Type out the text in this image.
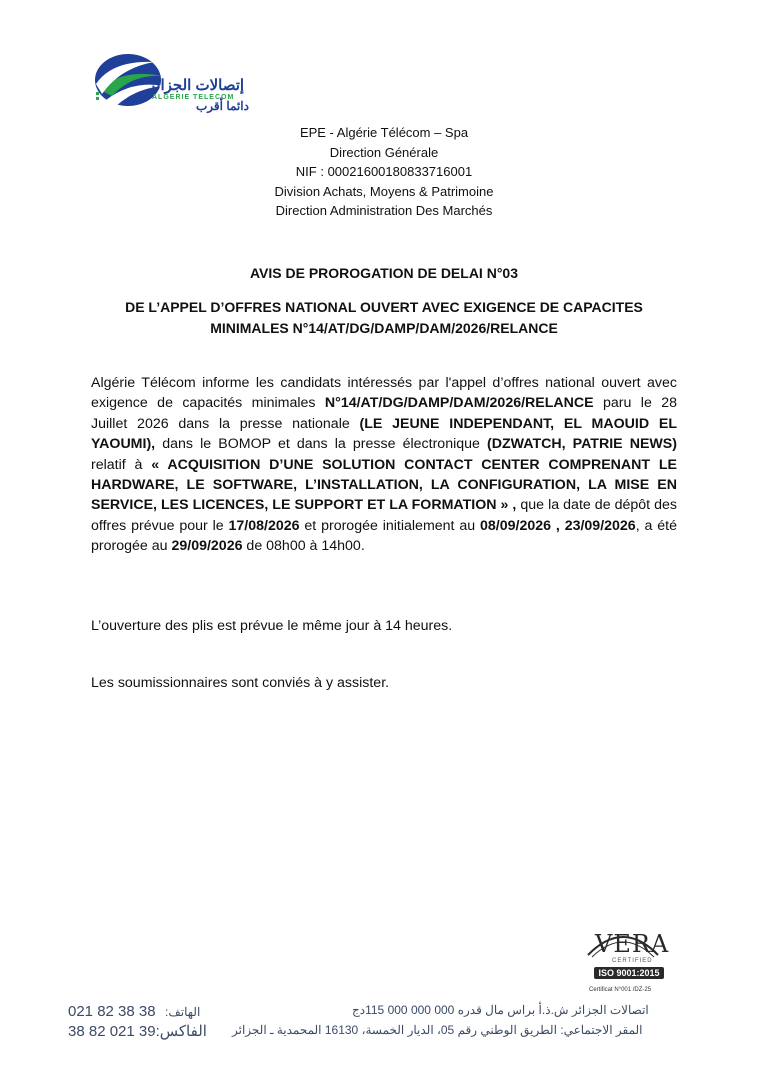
إتصالات الجزائر
ALGERIE TELECOM
دائما أقرب
EPE - Algérie Télécom – Spa
Direction Générale
NIF : 00021600180833716001
Division Achats, Moyens & Patrimoine
Direction Administration Des Marchés
AVIS DE PROROGATION DE DELAI N°03
DE L’APPEL D’OFFRES NATIONAL OUVERT AVEC EXIGENCE DE CAPACITES
MINIMALES N°14/AT/DG/DAMP/DAM/2026/RELANCE
Algérie Télécom informe les candidats intéressés par l'appel d’offres national ouvert avec exigence de capacités minimales N°14/AT/DG/DAMP/DAM/2026/RELANCE paru le 28 Juillet 2026 dans la presse nationale (LE JEUNE INDEPENDANT, EL MAOUID EL YAOUMI), dans le BOMOP et dans la presse électronique (DZWATCH, PATRIE NEWS) relatif à « ACQUISITION D’UNE SOLUTION CONTACT CENTER COMPRENANT LE HARDWARE, LE SOFTWARE, L’INSTALLATION, LA CONFIGURATION, LA MISE EN SERVICE, LES LICENCES, LE SUPPORT ET LA FORMATION » , que la date de dépôt des offres prévue pour le 17/08/2026 et prorogée initialement au 08/09/2026 , 23/09/2026, a été prorogée au 29/09/2026 de 08h00 à 14h00.
L’ouverture des plis est prévue le même jour à 14 heures.
Les soumissionnaires sont conviés à y assister.
VERA
CERTIFIED
ISO 9001:2015
Certificat N°001 /DZ-25
021 82 38 38 الهاتف:
الفاكس:39 021 82 38
اتصالات الجزائر ش.ذ.أ براس مال قدره 000 000 000 115دج
المقر الاجتماعي: الطريق الوطني رقم 05، الديار الخمسة، 16130 المحمدية ـ الجزائر
